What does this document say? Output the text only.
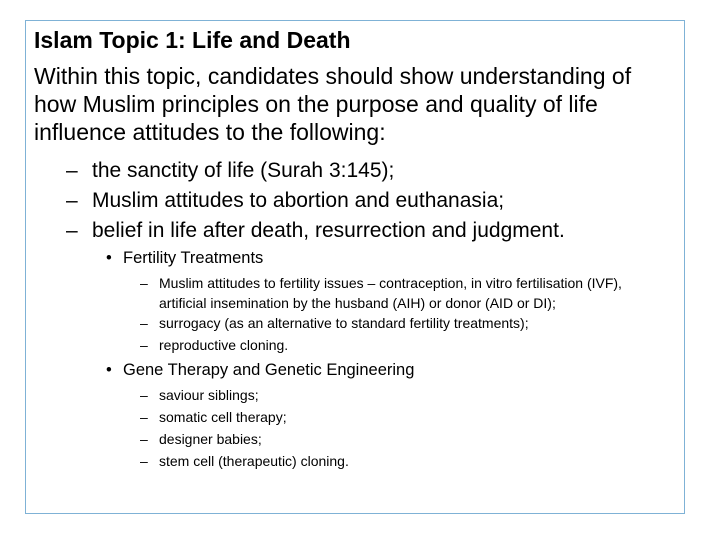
Islam Topic 1: Life and Death
Within this topic, candidates should show understanding of how Muslim principles on the purpose and quality of life influence attitudes to the following:
– the sanctity of life (Surah 3:145);
– Muslim attitudes to abortion and euthanasia;
– belief in life after death, resurrection and judgment.
• Fertility Treatments
– Muslim attitudes to fertility issues – contraception, in vitro fertilisation (IVF), artificial insemination by the husband (AIH) or donor (AID or DI);
– surrogacy (as an alternative to standard fertility treatments);
– reproductive cloning.
• Gene Therapy and Genetic Engineering
– saviour siblings;
– somatic cell therapy;
– designer babies;
– stem cell (therapeutic) cloning.
